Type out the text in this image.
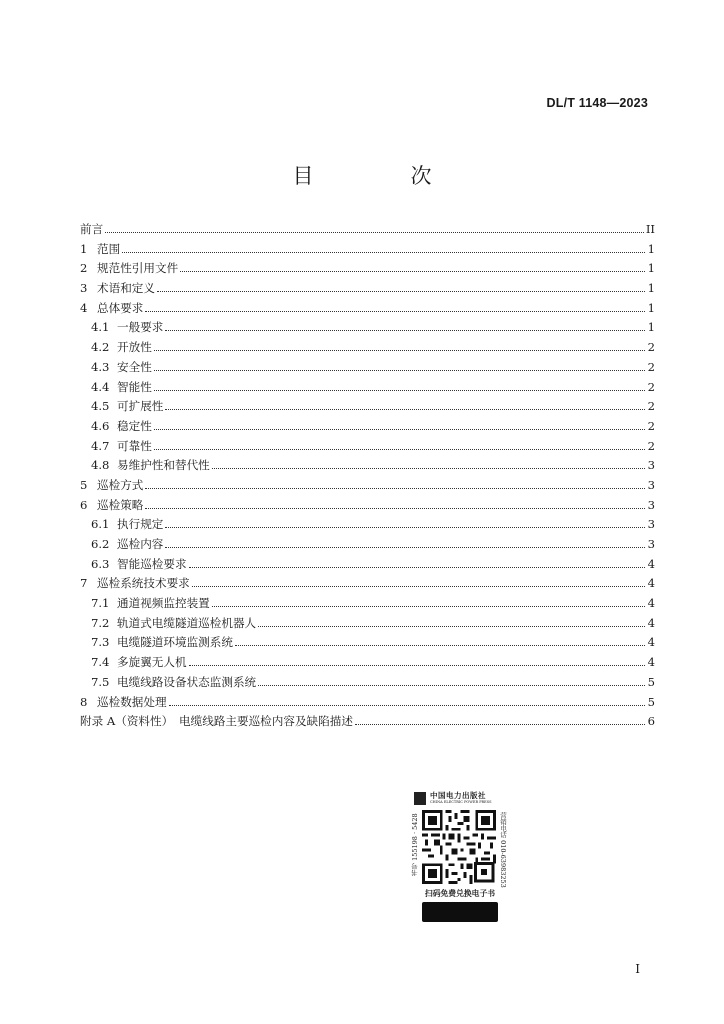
DL/T 1148—2023
目　次
前言	II
1 范围	1
2 规范性引用文件	1
3 术语和定义	1
4 总体要求	1
4.1 一般要求	1
4.2 开放性	2
4.3 安全性	2
4.4 智能性	2
4.5 可扩展性	2
4.6 稳定性	2
4.7 可靠性	2
4.8 易维护性和替代性	3
5 巡检方式	3
6 巡检策略	3
6.1 执行规定	3
6.2 巡检内容	3
6.3 智能巡检要求	4
7 巡检系统技术要求	4
7.1 通道视频监控装置	4
7.2 轨道式电缆隧道巡检机器人	4
7.3 电缆隧道环境监测系统	4
7.4 多旋翼无人机	4
7.5 电缆线路设备状态监测系统	5
8 巡检数据处理	5
附录 A（资料性）　电缆线路主要巡检内容及缺陷描述	6
中国电力出版社
CHINA ELECTRIC POWER PRESS
书号 155198 · 5428	营销电话 010-63983253
扫码免费兑换电子书
I
